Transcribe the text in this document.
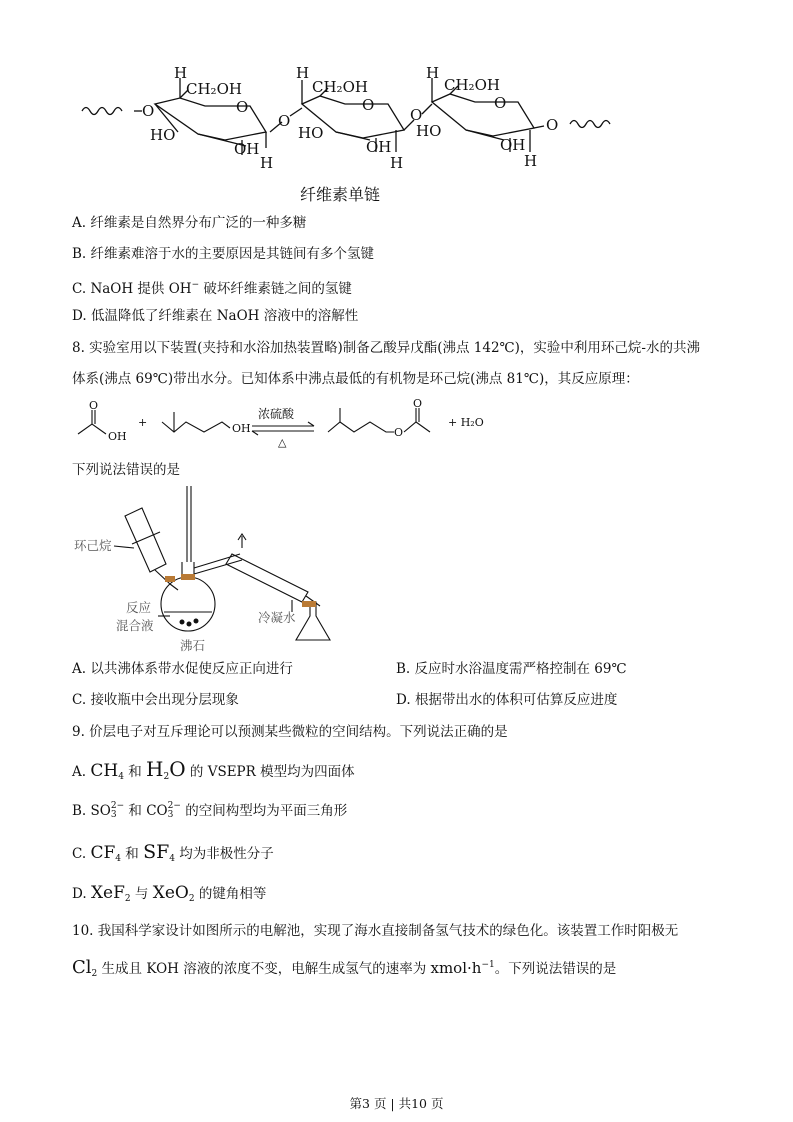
O
H
CH₂OH
O
HO
OH
H
O
H
CH₂OH
O
HO
OH
H
O
H
CH₂OH
O
HO
OH
H
O
纤维素单链
A. 纤维素是自然界分布广泛的一种多糖
B. 纤维素难溶于水的主要原因是其链间有多个氢键
C. NaOH 提供 OH− 破坏纤维素链之间的氢键
D. 低温降低了纤维素在 NaOH 溶液中的溶解性
8. 实验室用以下装置(夹持和水浴加热装置略)制备乙酸异戊酯(沸点 142℃)，实验中利用环己烷-水的共沸
体系(沸点 69℃)带出水分。已知体系中沸点最低的有机物是环己烷(沸点 81℃)，其反应原理：
O
OH
+	OH
浓硫酸
△
O
O
+ H₂O
下列说法错误的是
环己烷
反应
混合液
沸石
冷凝水
A. 以共沸体系带水促使反应正向进行	B. 反应时水浴温度需严格控制在 69℃
C. 接收瓶中会出现分层现象	D. 根据带出水的体积可估算反应进度
9. 价层电子对互斥理论可以预测某些微粒的空间结构。下列说法正确的是
A. $CH_4$ 和 $H_2O$ 的 VSEPR 模型均为四面体
B. SO 2−
3 和 CO 2−
3 的空间构型均为平面三角形
C. $CF_4$ 和 $SF_4$ 均为非极性分子
D. XeF$_2$ 与 XeO$_2$ 的键角相等
10. 我国科学家设计如图所示的电解池，实现了海水直接制备氢气技术的绿色化。该装置工作时阳极无
$Cl_2$ 生成且 KOH 溶液的浓度不变，电解生成氢气的速率为 $xmol\cdot h^{-1}$。下列说法错误的是
第3 页 | 共10 页
